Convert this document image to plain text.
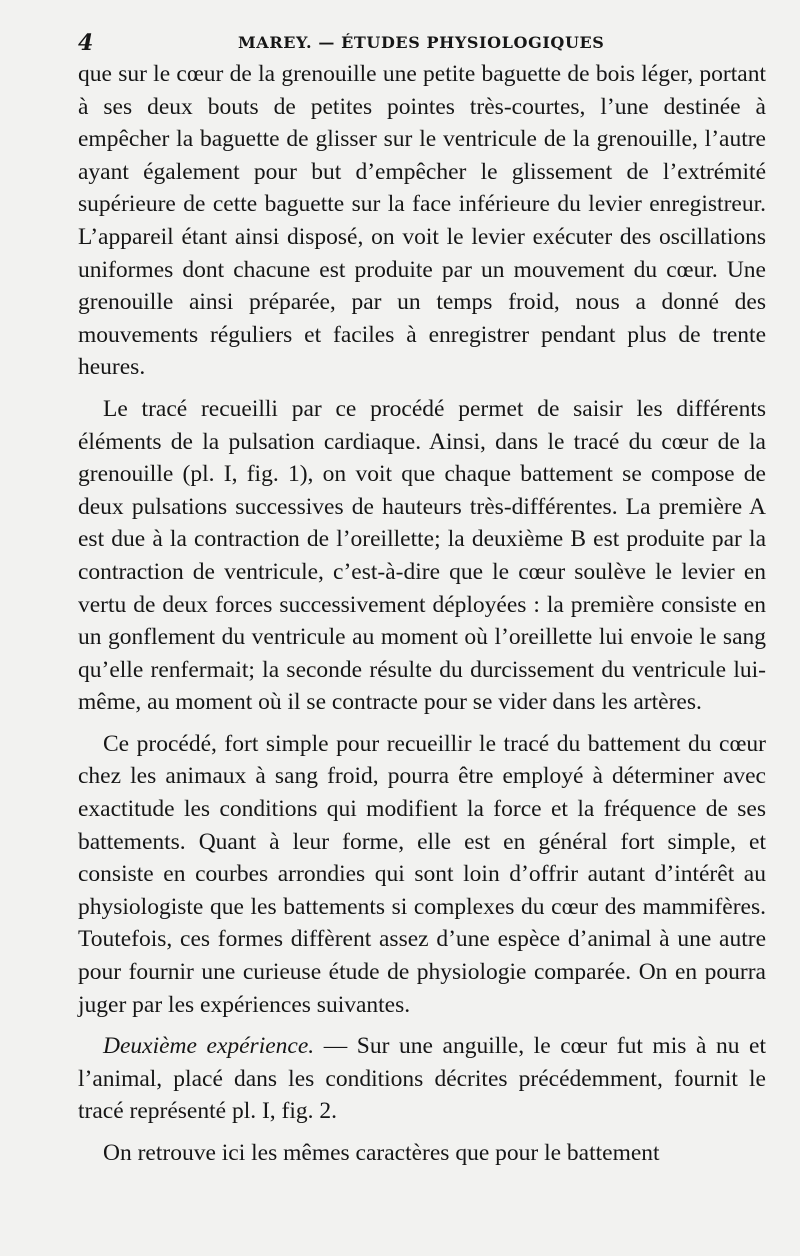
4	MAREY. — ÉTUDES PHYSIOLOGIQUES

que sur le cœur de la grenouille une petite baguette de bois léger, portant à ses deux bouts de petites pointes très-courtes, l’une destinée à empêcher la baguette de glisser sur le ventricule de la grenouille, l’autre ayant également pour but d’empêcher le glissement de l’extrémité supérieure de cette baguette sur la face inférieure du levier enregistreur. L’appareil étant ainsi disposé, on voit le levier exécuter des oscillations uniformes dont chacune est produite par un mouvement du cœur. Une grenouille ainsi préparée, par un temps froid, nous a donné des mouvements réguliers et faciles à enregistrer pendant plus de trente heures.

Le tracé recueilli par ce procédé permet de saisir les différents éléments de la pulsation cardiaque. Ainsi, dans le tracé du cœur de la grenouille (pl. I, fig. 1), on voit que chaque battement se compose de deux pulsations successives de hauteurs très-différentes. La première A est due à la contraction de l’oreillette; la deuxième B est produite par la contraction de ventricule, c’est-à-dire que le cœur soulève le levier en vertu de deux forces successivement déployées : la première consiste en un gonflement du ventricule au moment où l’oreillette lui envoie le sang qu’elle renfermait; la seconde résulte du durcissement du ventricule lui-même, au moment où il se contracte pour se vider dans les artères.

Ce procédé, fort simple pour recueillir le tracé du battement du cœur chez les animaux à sang froid, pourra être employé à déterminer avec exactitude les conditions qui modifient la force et la fréquence de ses battements. Quant à leur forme, elle est en général fort simple, et consiste en courbes arrondies qui sont loin d’offrir autant d’intérêt au physiologiste que les battements si complexes du cœur des mammifères. Toutefois, ces formes diffèrent assez d’une espèce d’animal à une autre pour fournir une curieuse étude de physiologie comparée. On en pourra juger par les expériences suivantes.

Deuxième expérience. — Sur une anguille, le cœur fut mis à nu et l’animal, placé dans les conditions décrites précédemment, fournit le tracé représenté pl. I, fig. 2.

On retrouve ici les mêmes caractères que pour le battement
